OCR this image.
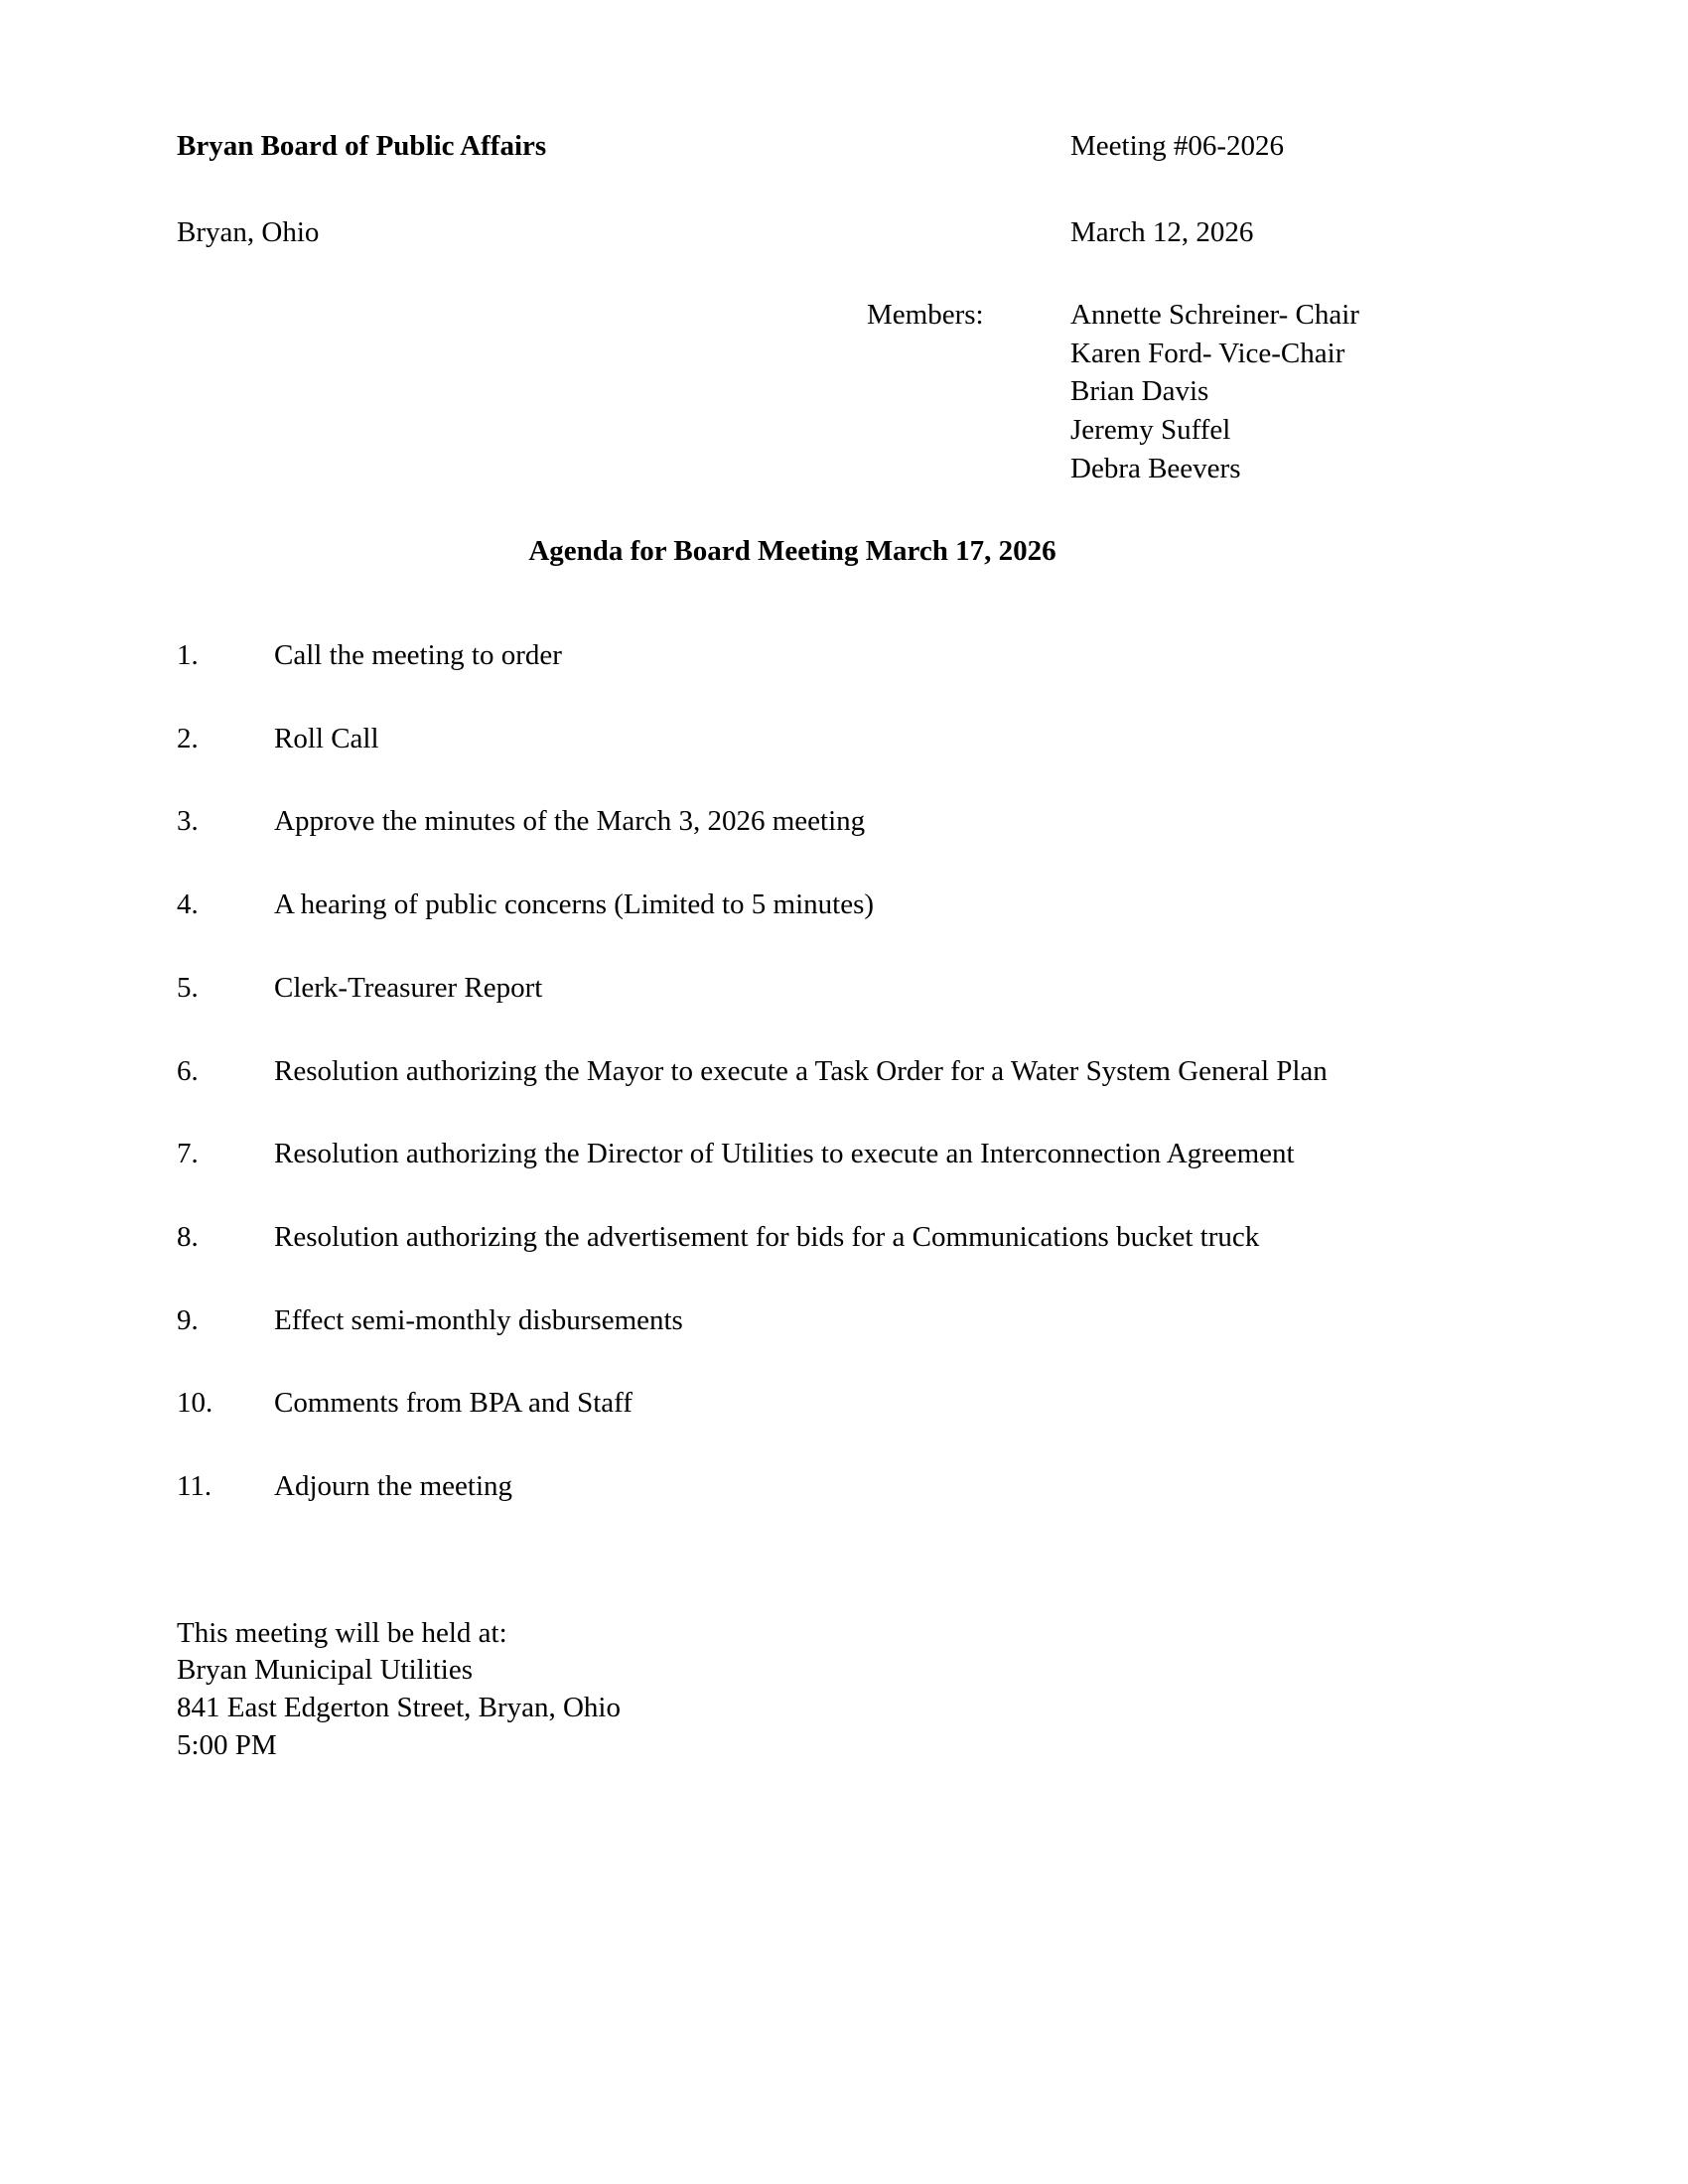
Bryan Board of Public Affairs	Meeting #06-2026
Bryan, Ohio	March 12, 2026
Members:	Annette Schreiner- Chair
Karen Ford- Vice-Chair
Brian Davis
Jeremy Suffel
Debra Beevers
Agenda for Board Meeting March 17, 2026
1.	Call the meeting to order
2.	Roll Call
3.	Approve the minutes of the March 3, 2026 meeting
4.	A hearing of public concerns (Limited to 5 minutes)
5.	Clerk-Treasurer Report
6.	Resolution authorizing the Mayor to execute a Task Order for a Water System General Plan
7.	Resolution authorizing the Director of Utilities to execute an Interconnection Agreement
8.	Resolution authorizing the advertisement for bids for a Communications bucket truck
9.	Effect semi-monthly disbursements
10.	Comments from BPA and Staff
11.	Adjourn the meeting
This meeting will be held at:
Bryan Municipal Utilities
841 East Edgerton Street, Bryan, Ohio
5:00 PM
